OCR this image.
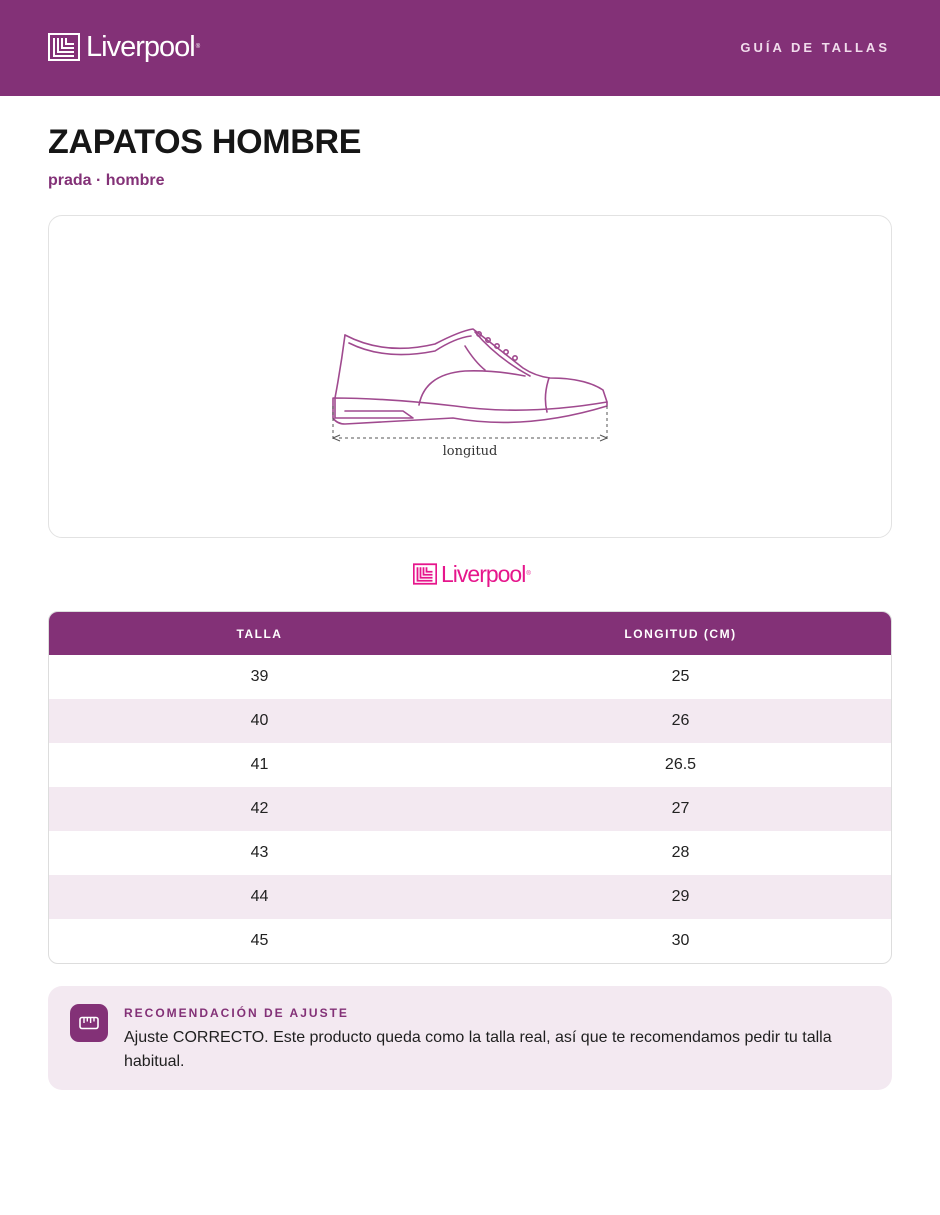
Liverpool ®	GUÍA DE TALLAS
ZAPATOS HOMBRE
prada · hombre
longitud
Liverpool ®
TALLA	LONGITUD (CM)
39	25
40	26
41	26.5
42	27
43	28
44	29
45	30
RECOMENDACIÓN DE AJUSTE
Ajuste CORRECTO. Este producto queda como la talla real, así que te recomendamos pedir tu talla habitual.
